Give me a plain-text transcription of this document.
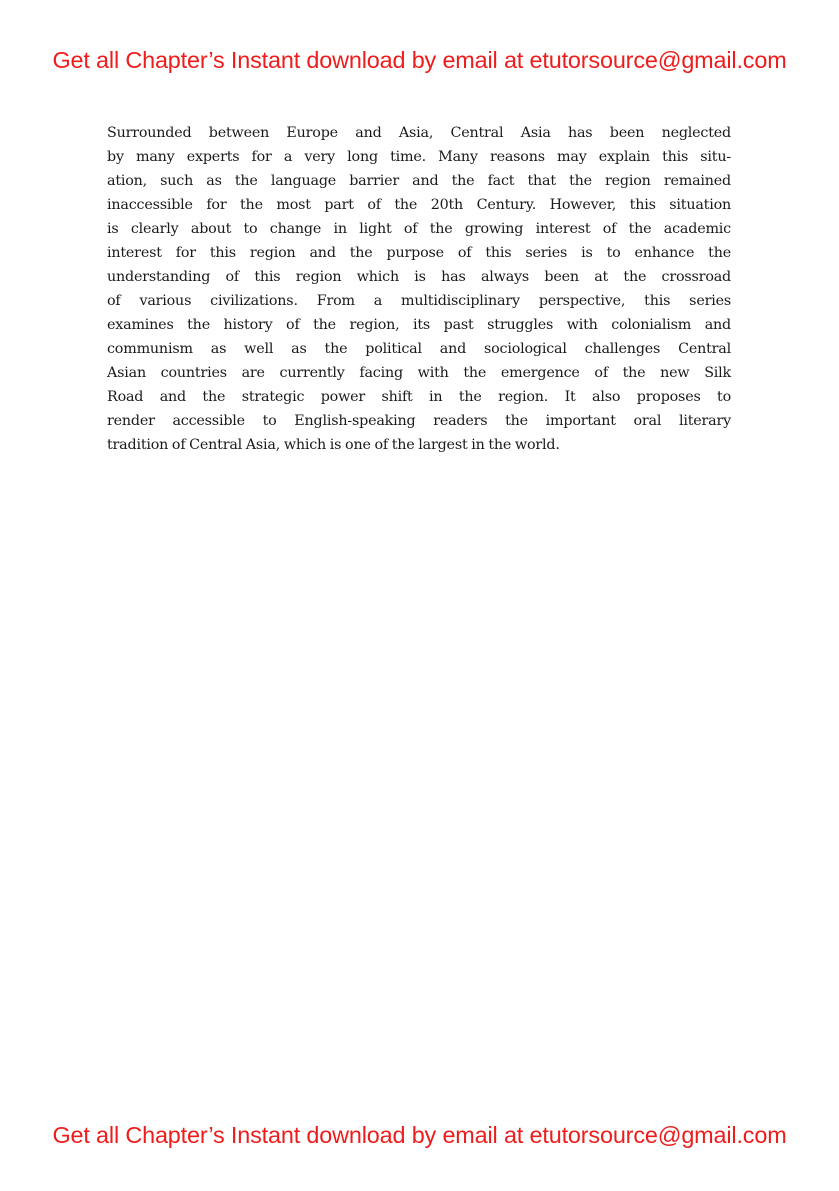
Get all Chapter’s Instant download by email at etutorsource@gmail.com
Surrounded between Europe and Asia, Central Asia has been neglected
by many experts for a very long time. Many reasons may explain this situ-
ation, such as the language barrier and the fact that the region remained
inaccessible for the most part of the 20th Century. However, this situation
is clearly about to change in light of the growing interest of the academic
interest for this region and the purpose of this series is to enhance the
understanding of this region which is has always been at the crossroad
of various civilizations. From a multidisciplinary perspective, this series
examines the history of the region, its past struggles with colonialism and
communism as well as the political and sociological challenges Central
Asian countries are currently facing with the emergence of the new Silk
Road and the strategic power shift in the region. It also proposes to
render accessible to English-speaking readers the important oral literary
tradition of Central Asia, which is one of the largest in the world.
Get all Chapter’s Instant download by email at etutorsource@gmail.com
